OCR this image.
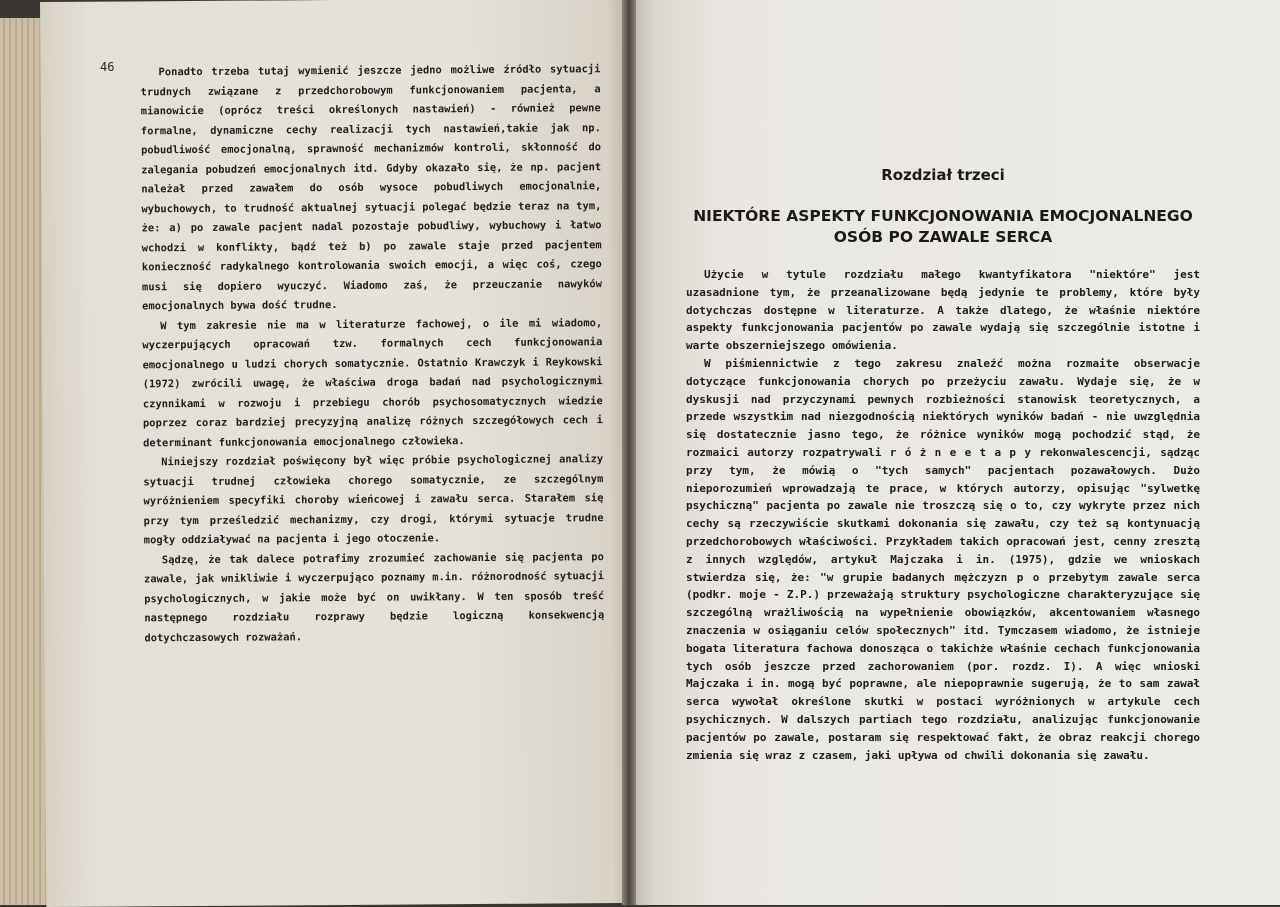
Ponadto trzeba tutaj wymienić jeszcze jedno możliwe źródło sytuacji trudnych związane z przedchorobowym funkcjonowaniem pacjenta, a mianowicie (oprócz treści określonych nastawień) - również pewne formalne, dynamiczne cechy realizacji tych nastawień,takie jak np. pobudliwość emocjonalną, sprawność mechanizmów kontroli, skłonność do zalegania pobudzeń emocjonalnych itd. Gdyby okazało się, że np. pacjent należał przed zawałem do osób wysoce pobudliwych emocjonalnie, wybuchowych, to trudność aktualnej sytuacji polegać będzie teraz na tym, że: a) po zawale pacjent nadal pozostaje pobudliwy, wybuchowy i łatwo wchodzi w konflikty, bądź też b) po zawale staje przed pacjentem konieczność radykalnego kontrolowania swoich emocji, a więc coś, czego musi się dopiero wyuczyć. Wiadomo zaś, że przeuczanie nawyków emocjonalnych bywa dość trudne.

W tym zakresie nie ma w literaturze fachowej, o ile mi wiadomo, wyczerpujących opracowań tzw. formalnych cech funkcjonowania emocjonalnego u ludzi chorych somatycznie. Ostatnio Krawczyk i Reykowski (1972) zwrócili uwagę, że właściwa droga badań nad psychologicznymi czynnikami w rozwoju i przebiegu chorób psychosomatycznych wiedzie poprzez coraz bardziej precyzyjną analizę różnych szczegółowych cech i determinant funkcjonowania emocjonalnego człowieka.

Niniejszy rozdział poświęcony był więc próbie psychologicznej analizy sytuacji trudnej człowieka chorego somatycznie, ze szczególnym wyróżnieniem specyfiki choroby wieńcowej i zawału serca. Starałem się przy tym prześledzić mechanizmy, czy drogi, którymi sytuacje trudne mogły oddziaływać na pacjenta i jego otoczenie.

Sądzę, że tak dalece potrafimy zrozumieć zachowanie się pacjenta po zawale, jak wnikliwie i wyczerpująco poznamy m.in. różnorodność sytuacji psychologicznych, w jakie może być on uwikłany. W ten sposób treść następnego rozdziału rozprawy będzie logiczną konsekwencją dotychczasowych rozważań.

46
Rozdział trzeci
NIEKTÓRE ASPEKTY FUNKCJONOWANIA EMOCJONALNEGO OSÓB PO ZAWALE SERCA

Użycie w tytule rozdziału małego kwantyfikatora "niektóre" jest uzasadnione tym, że przeanalizowane będą jedynie te problemy, które były dotychczas dostępne w literaturze. A także dlatego, że właśnie niektóre aspekty funkcjonowania pacjentów po zawale wydają się szczególnie istotne i warte obszerniejszego omówienia.

W piśmiennictwie z tego zakresu znaleźć można rozmaite obserwacje dotyczące funkcjonowania chorych po przeżyciu zawału. Wydaje się, że w dyskusji nad przyczynami pewnych rozbieżności stanowisk teoretycznych, a przede wszystkim nad niezgodnością niektórych wyników badań - nie uwzględnia się dostatecznie jasno tego, że różnice wyników mogą pochodzić stąd, że rozmaici autorzy rozpatrywali r ó ż n e e t a p y rekonwalescencji, sądząc przy tym, że mówią o "tych samych" pacjentach pozawałowych. Dużo nieporozumień wprowadzają te prace, w których autorzy, opisując "sylwetkę psychiczną" pacjenta po zawale nie troszczą się o to, czy wykryte przez nich cechy są rzeczywiście skutkami dokonania się zawału, czy też są kontynuacją przedchorobowych właściwości. Przykładem takich opracowań jest, cenny zresztą z innych względów, artykuł Majczaka i in. (1975), gdzie we wnioskach stwierdza się, że: "w grupie badanych mężczyzn p o przebytym zawale serca (podkr. moje - Z.P.) przeważają struktury psychologiczne charakteryzujące się szczególną wrażliwością na wypełnienie obowiązków, akcentowaniem własnego znaczenia w osiąganiu celów społecznych" itd. Tymczasem wiadomo, że istnieje bogata literatura fachowa donosząca o takichże właśnie cechach funkcjonowania tych osób jeszcze przed zachorowaniem (por. rozdz. I). A więc wnioski Majczaka i in. mogą być poprawne, ale niepoprawnie sugerują, że to sam zawał serca wywołał określone skutki w postaci wyróżnionych w artykule cech psychicznych. W dalszych partiach tego rozdziału, analizując funkcjonowanie pacjentów po zawale, postaram się respektować fakt, że obraz reakcji chorego zmienia się wraz z czasem, jaki upływa od chwili dokonania się zawału.
